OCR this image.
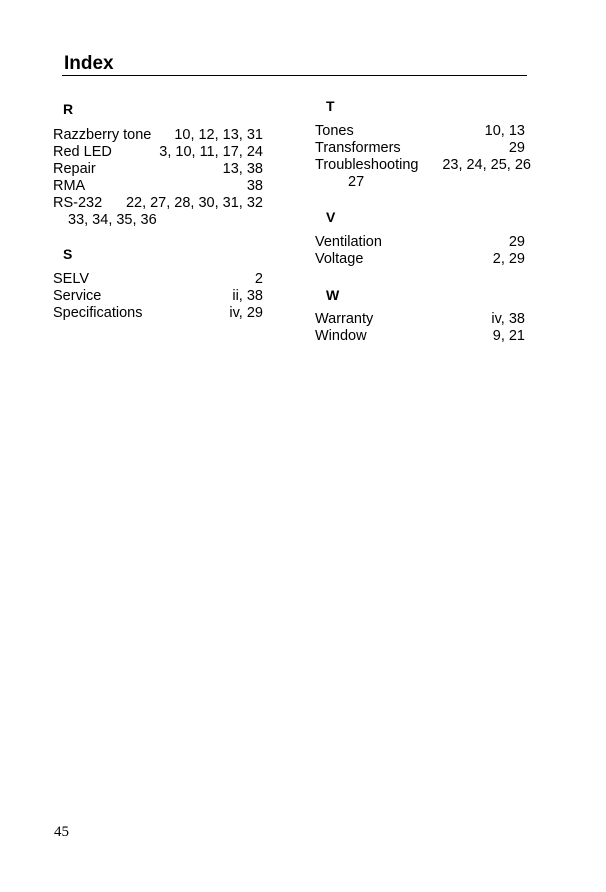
Index
R
Razzberry tone 10, 12, 13, 31
Red LED	3, 10, 11, 17, 24
Repair	13, 38
RMA	38
RS-232 22, 27, 28, 30, 31, 32
33, 34, 35, 36
S
SELV	2
Service	ii, 38
Specifications	iv, 29
T
Tones	10, 13
Transformers	29
Troubleshooting 23, 24, 25, 26
27
V
Ventilation	29
Voltage	2, 29
W
Warranty	iv, 38
Window	9, 21
45
